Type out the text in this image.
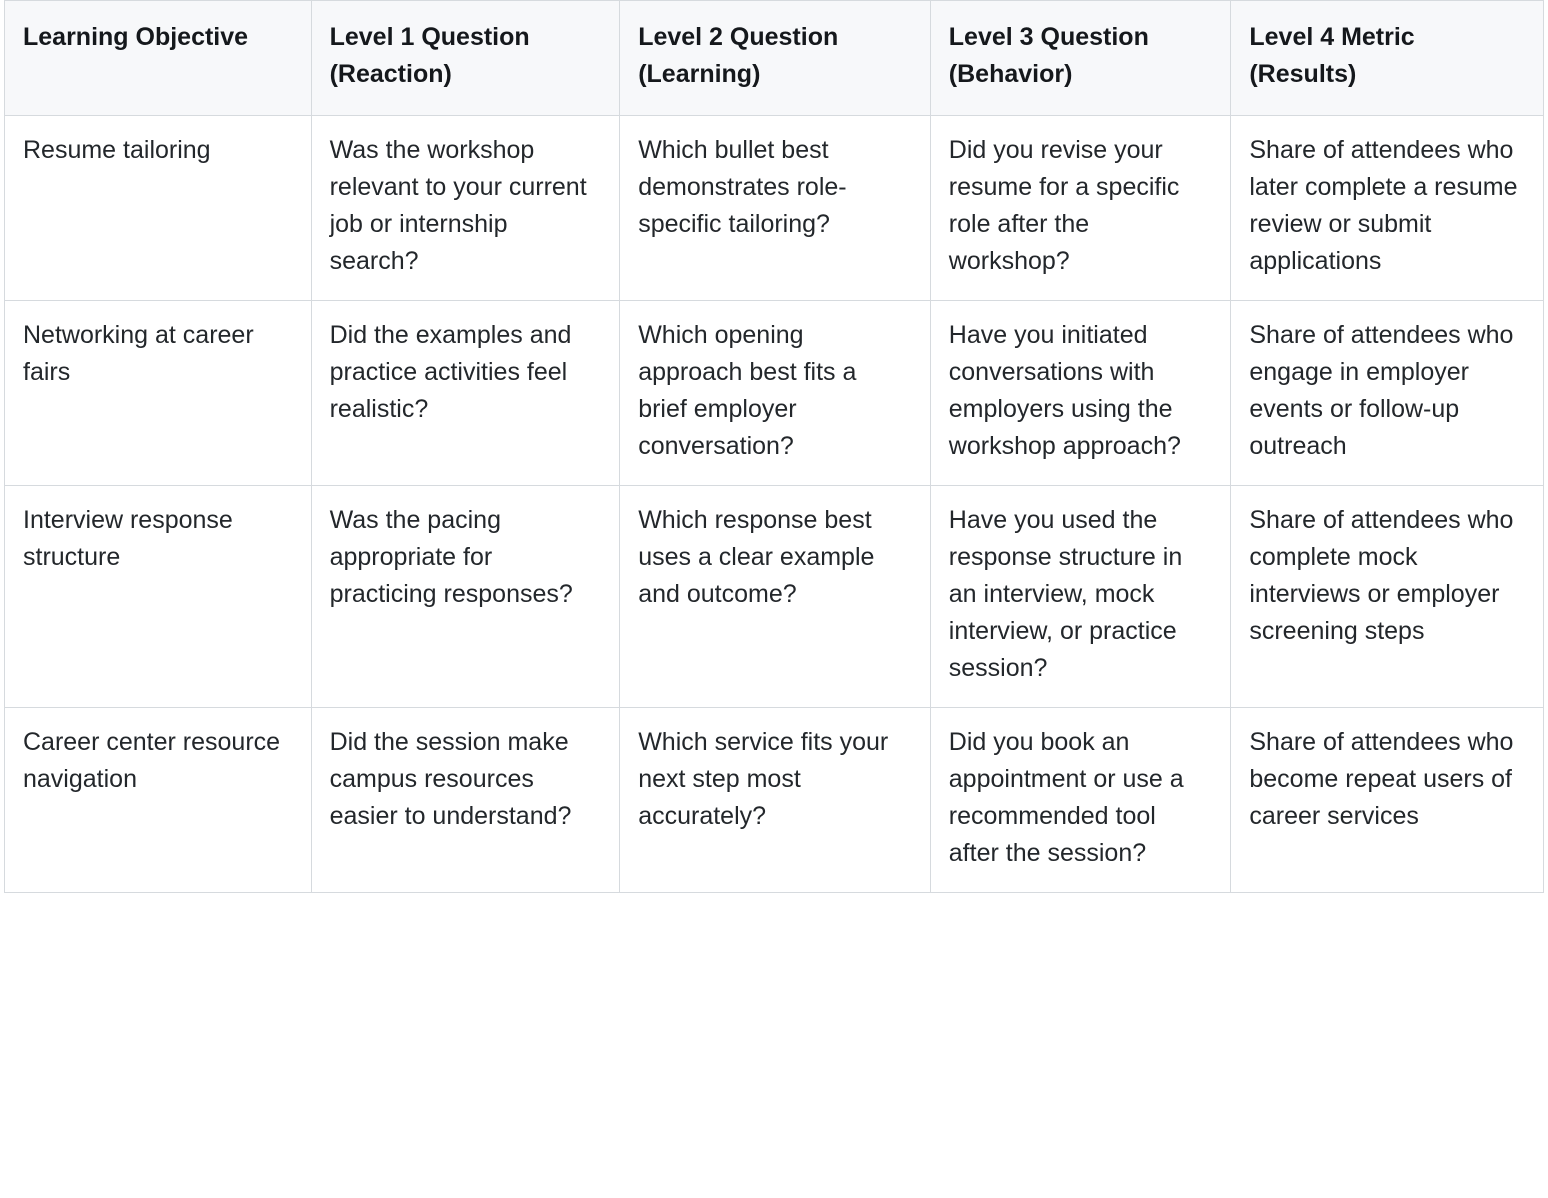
Learning Objective	Level 1 Question (Reaction)	Level 2 Question (Learning)	Level 3 Question (Behavior)	Level 4 Metric (Results)
Resume tailoring	Was the workshop relevant to your current job or internship search?	Which bullet best demonstrates role-specific tailoring?	Did you revise your resume for a specific role after the workshop?	Share of attendees who later complete a resume review or submit applications
Networking at career fairs	Did the examples and practice activities feel realistic?	Which opening approach best fits a brief employer conversation?	Have you initiated conversations with employers using the workshop approach?	Share of attendees who engage in employer events or follow-up outreach
Interview response structure	Was the pacing appropriate for practicing responses?	Which response best uses a clear example and outcome?	Have you used the response structure in an interview, mock interview, or practice session?	Share of attendees who complete mock interviews or employer screening steps
Career center resource navigation	Did the session make campus resources easier to understand?	Which service fits your next step most accurately?	Did you book an appointment or use a recommended tool after the session?	Share of attendees who become repeat users of career services
